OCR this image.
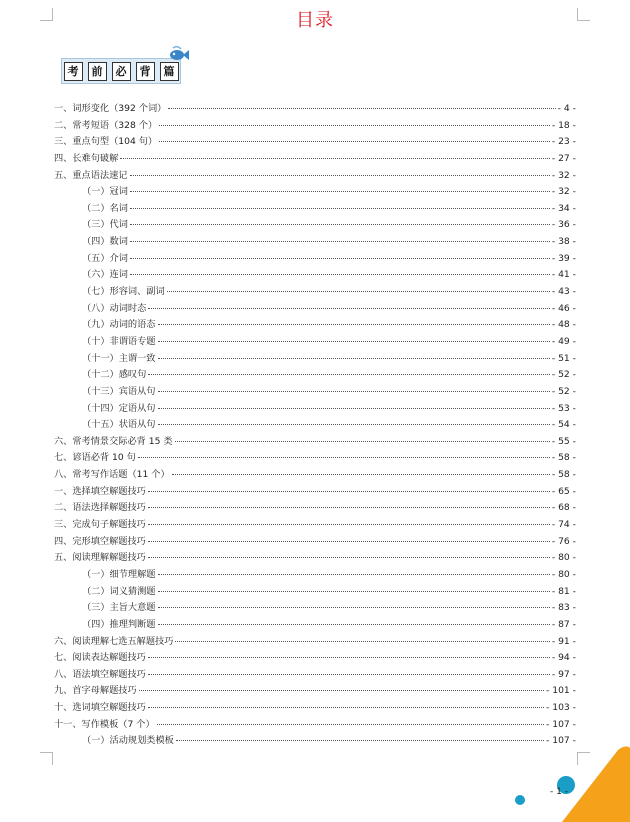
目录
考	前	必	背	篇
一、词形变化（392 个词）	- 4 -
二、常考短语（328 个）	- 18 -
三、重点句型（104 句）	- 23 -
四、长难句破解	- 27 -
五、重点语法速记	- 32 -
（一）冠词	- 32 -
（二）名词	- 34 -
（三）代词	- 36 -
（四）数词	- 38 -
（五）介词	- 39 -
（六）连词	- 41 -
（七）形容词、副词	- 43 -
（八）动词时态	- 46 -
（九）动词的语态	- 48 -
（十）非谓语专题	- 49 -
（十一）主谓一致	- 51 -
（十二）感叹句	- 52 -
（十三）宾语从句	- 52 -
（十四）定语从句	- 53 -
（十五）状语从句	- 54 -
六、常考情景交际必背 15 类	- 55 -
七、谚语必背 10 句	- 58 -
八、常考写作话题（11 个）	- 58 -
一、选择填空解题技巧	- 65 -
二、语法选择解题技巧	- 68 -
三、完成句子解题技巧	- 74 -
四、完形填空解题技巧	- 76 -
五、阅读理解解题技巧	- 80 -
（一）细节理解题	- 80 -
（二）词义猜测题	- 81 -
（三）主旨大意题	- 83 -
（四）推理判断题	- 87 -
六、阅读理解七选五解题技巧	- 91 -
七、阅读表达解题技巧	- 94 -
八、语法填空解题技巧	- 97 -
九、首字母解题技巧	- 101 -
十、选词填空解题技巧	- 103 -
十一、写作模板（7 个）	- 107 -
（一）活动规划类模板	- 107 -
- 1 -
